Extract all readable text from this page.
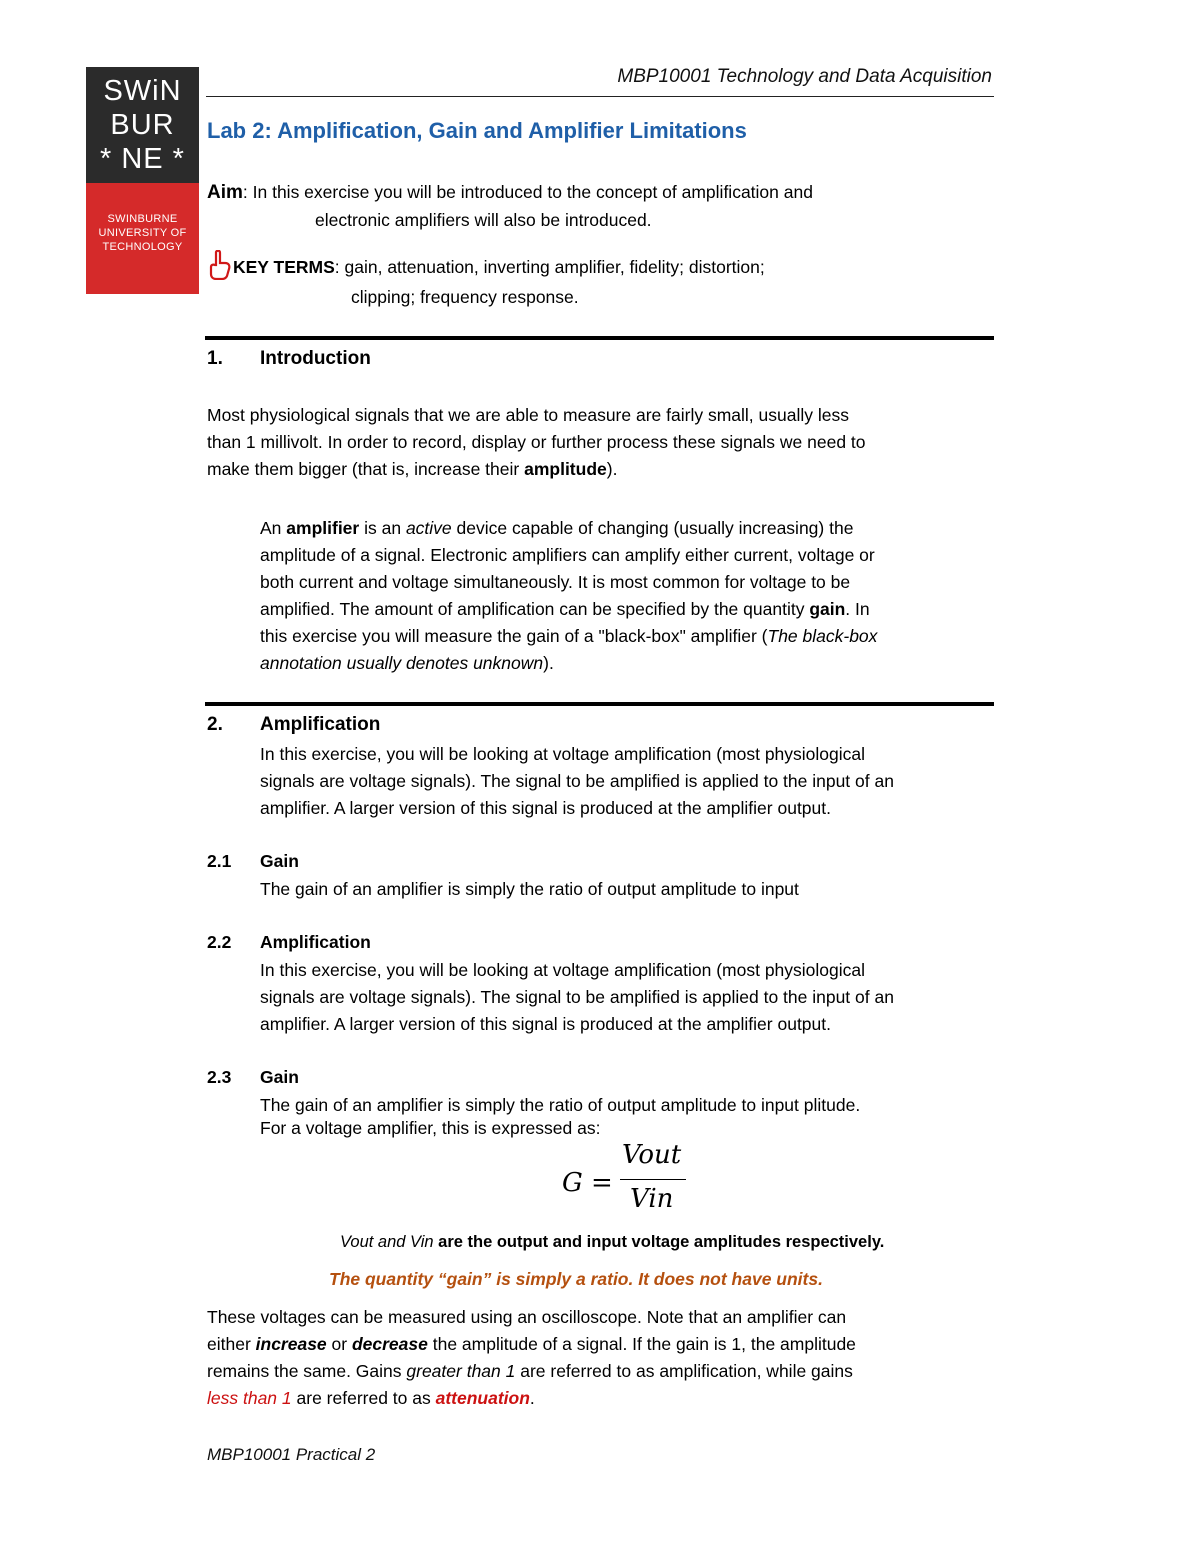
SWiN
BUR
* NE *
SWINBURNE
UNIVERSITY OF
TECHNOLOGY
MBP10001 Technology and Data Acquisition
Lab 2: Amplification, Gain and Amplifier Limitations
Aim: In this exercise you will be introduced to the concept of amplification and
electronic amplifiers will also be introduced.
KEY TERMS: gain, attenuation, inverting amplifier, fidelity; distortion;
clipping; frequency response.
1. Introduction
Most physiological signals that we are able to measure are fairly small, usually less
than 1 millivolt. In order to record, display or further process these signals we need to
make them bigger (that is, increase their amplitude).
An amplifier is an active device capable of changing (usually increasing) the
amplitude of a signal. Electronic amplifiers can amplify either current, voltage or
both current and voltage simultaneously. It is most common for voltage to be
amplified. The amount of amplification can be specified by the quantity gain. In
this exercise you will measure the gain of a "black-box" amplifier (The black-box
annotation usually denotes unknown).
2. Amplification
In this exercise, you will be looking at voltage amplification (most physiological
signals are voltage signals). The signal to be amplified is applied to the input of an
amplifier. A larger version of this signal is produced at the amplifier output.
2.1 Gain
The gain of an amplifier is simply the ratio of output amplitude to input
2.2 Amplification
In this exercise, you will be looking at voltage amplification (most physiological
signals are voltage signals). The signal to be amplified is applied to the input of an
amplifier. A larger version of this signal is produced at the amplifier output.
2.3 Gain
The gain of an amplifier is simply the ratio of output amplitude to input plitude.
For a voltage amplifier, this is expressed as:
G =
Vout
Vin
Vout and Vin are the output and input voltage amplitudes respectively.
The quantity “gain” is simply a ratio. It does not have units.
These voltages can be measured using an oscilloscope. Note that an amplifier can
either increase or decrease the amplitude of a signal. If the gain is 1, the amplitude
remains the same. Gains greater than 1 are referred to as amplification, while gains
less than 1 are referred to as attenuation.
MBP10001 Practical 2
